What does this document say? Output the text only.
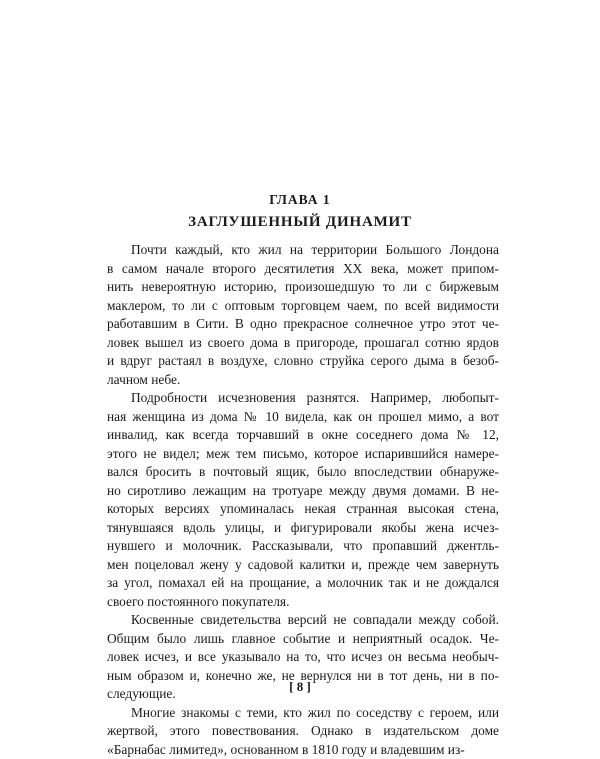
ГЛАВА 1
ЗАГЛУШЕННЫЙ ДИНАМИТ
Почти каждый, кто жил на территории Большого Лондона
в самом начале второго десятилетия XX века, может припом-
нить невероятную историю, произошедшую то ли с биржевым
маклером, то ли с оптовым торговцем чаем, по всей видимости
работавшим в Сити. В одно прекрасное солнечное утро этот че-
ловек вышел из своего дома в пригороде, прошагал сотню ярдов
и вдруг растаял в воздухе, словно струйка серого дыма в безоб-
лачном небе.
Подробности исчезновения разнятся. Например, любопыт-
ная женщина из дома № 10 видела, как он прошел мимо, а вот
инвалид, как всегда торчавший в окне соседнего дома № 12,
этого не видел; меж тем письмо, которое испарившийся намере-
вался бросить в почтовый ящик, было впоследствии обнаруже-
но сиротливо лежащим на тротуаре между двумя домами. В не-
которых версиях упоминалась некая странная высокая стена,
тянувшаяся вдоль улицы, и фигурировали якобы жена исчез-
нувшего и молочник. Рассказывали, что пропавший джентль-
мен поцеловал жену у садовой калитки и, прежде чем завернуть
за угол, помахал ей на прощание, а молочник так и не дождался
своего постоянного покупателя.
Косвенные свидетельства версий не совпадали между собой.
Общим было лишь главное событие и неприятный осадок. Че-
ловек исчез, и все указывало на то, что исчез он весьма необыч-
ным образом и, конечно же, не вернулся ни в тот день, ни в по-
следующие.
Многие знакомы с теми, кто жил по соседству с героем, или
жертвой, этого повествования. Однако в издательском доме
«Барнабас лимитед», основанном в 1810 году и владевшим из-
[ 8 ]
